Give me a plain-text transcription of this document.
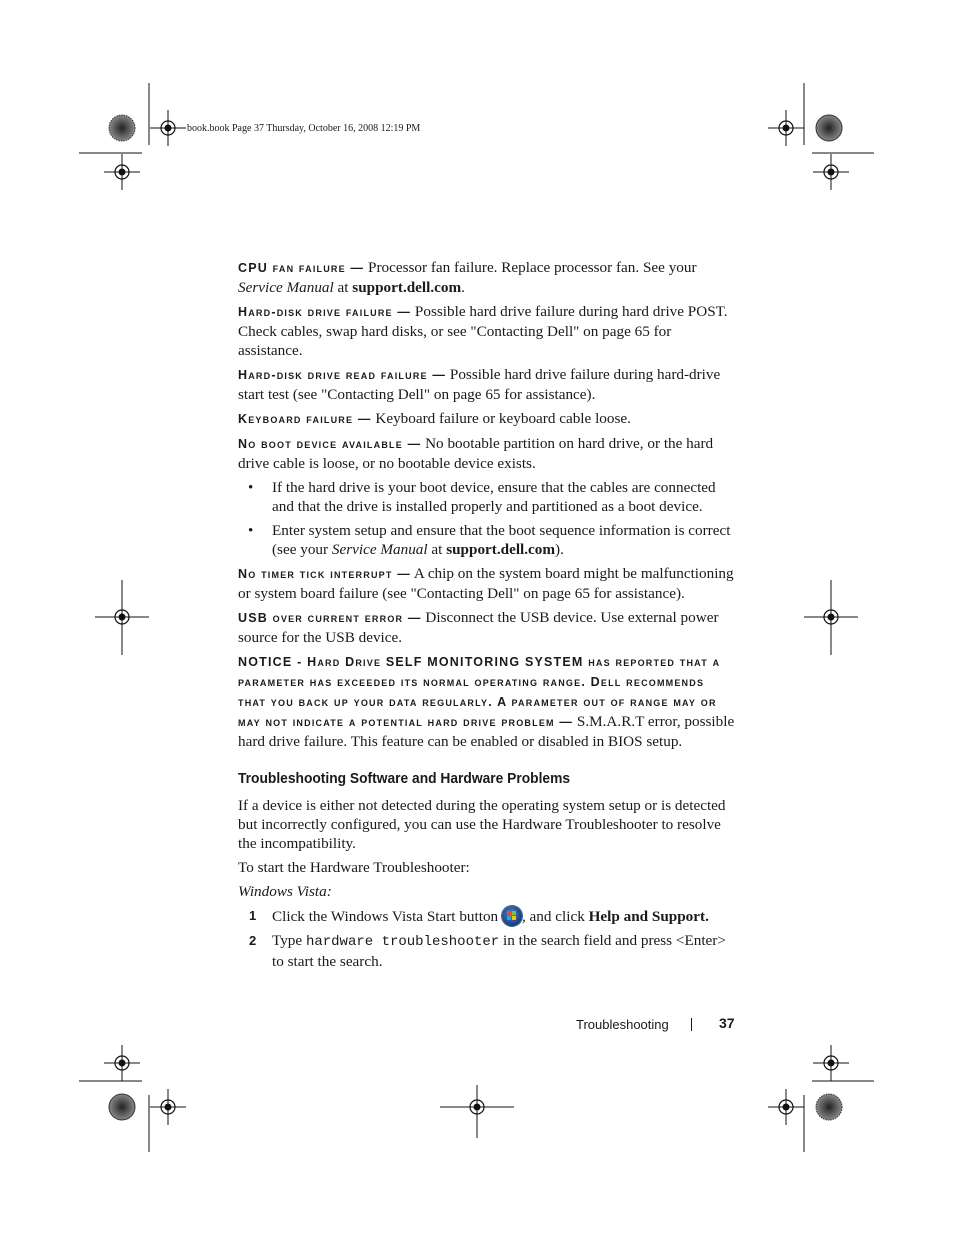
book.book Page 37 Thursday, October 16, 2008 12:19 PM

CPU fan failure — Processor fan failure. Replace processor fan. See your Service Manual at support.dell.com.

Hard-disk drive failure — Possible hard drive failure during hard drive POST. Check cables, swap hard disks, or see "Contacting Dell" on page 65 for assistance.

Hard-disk drive read failure — Possible hard drive failure during hard-drive start test (see "Contacting Dell" on page 65 for assistance).

Keyboard failure — Keyboard failure or keyboard cable loose.

No boot device available — No bootable partition on hard drive, or the hard drive cable is loose, or no bootable device exists.

• If the hard drive is your boot device, ensure that the cables are connected and that the drive is installed properly and partitioned as a boot device.
• Enter system setup and ensure that the boot sequence information is correct (see your Service Manual at support.dell.com).

No timer tick interrupt — A chip on the system board might be malfunctioning or system board failure (see "Contacting Dell" on page 65 for assistance).

USB over current error — Disconnect the USB device. Use external power source for the USB device.

NOTICE - Hard Drive SELF MONITORING SYSTEM has reported that a parameter has exceeded its normal operating range. Dell recommends that you back up your data regularly. A parameter out of range may or may not indicate a potential hard drive problem — S.M.A.R.T error, possible hard drive failure. This feature can be enabled or disabled in BIOS setup.

Troubleshooting Software and Hardware Problems

If a device is either not detected during the operating system setup or is detected but incorrectly configured, you can use the Hardware Troubleshooter to resolve the incompatibility.

To start the Hardware Troubleshooter:

Windows Vista:

1 Click the Windows Vista Start button
, and click Help and Support.
2 Type hardware troubleshooter in the search field and press <Enter> to start the search.
Troubleshooting	37
